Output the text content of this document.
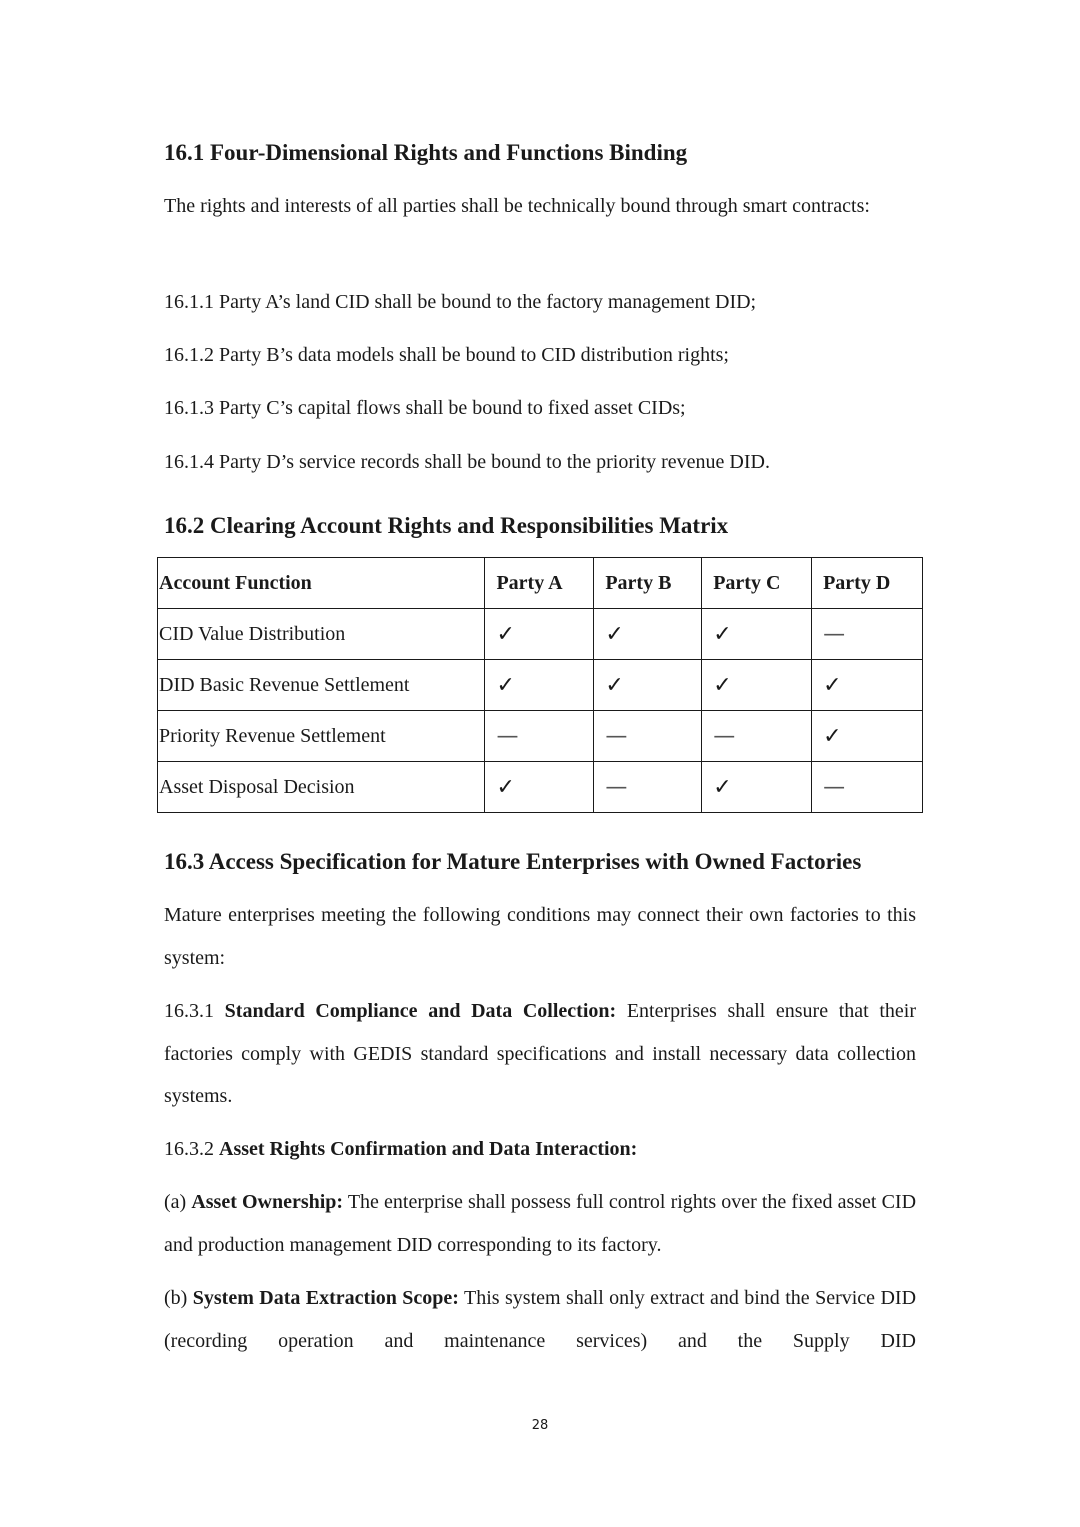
16.1 Four-Dimensional Rights and Functions Binding

The rights and interests of all parties shall be technically bound through smart contracts:

16.1.1 Party A’s land CID shall be bound to the factory management DID;

16.1.2 Party B’s data models shall be bound to CID distribution rights;

16.1.3 Party C’s capital flows shall be bound to fixed asset CIDs;

16.1.4 Party D’s service records shall be bound to the priority revenue DID.

16.2 Clearing Account Rights and Responsibilities Matrix
Account Function	Party A	Party B	Party C	Party D
CID Value Distribution	✓	✓	✓	—
DID Basic Revenue Settlement	✓	✓	✓	✓
Priority Revenue Settlement	—	—	—	✓
Asset Disposal Decision	✓	—	✓	—
16.3 Access Specification for Mature Enterprises with Owned Factories

Mature enterprises meeting the following conditions may connect their own factories to this system:

16.3.1 Standard Compliance and Data Collection: Enterprises shall ensure that their factories comply with GEDIS standard specifications and install necessary data collection systems.

16.3.2 Asset Rights Confirmation and Data Interaction:

(a) Asset Ownership: The enterprise shall possess full control rights over the fixed asset CID and production management DID corresponding to its factory.

(b) System Data Extraction Scope: This system shall only extract and bind the Service DID (recording operation and maintenance services) and the Supply DID

28
